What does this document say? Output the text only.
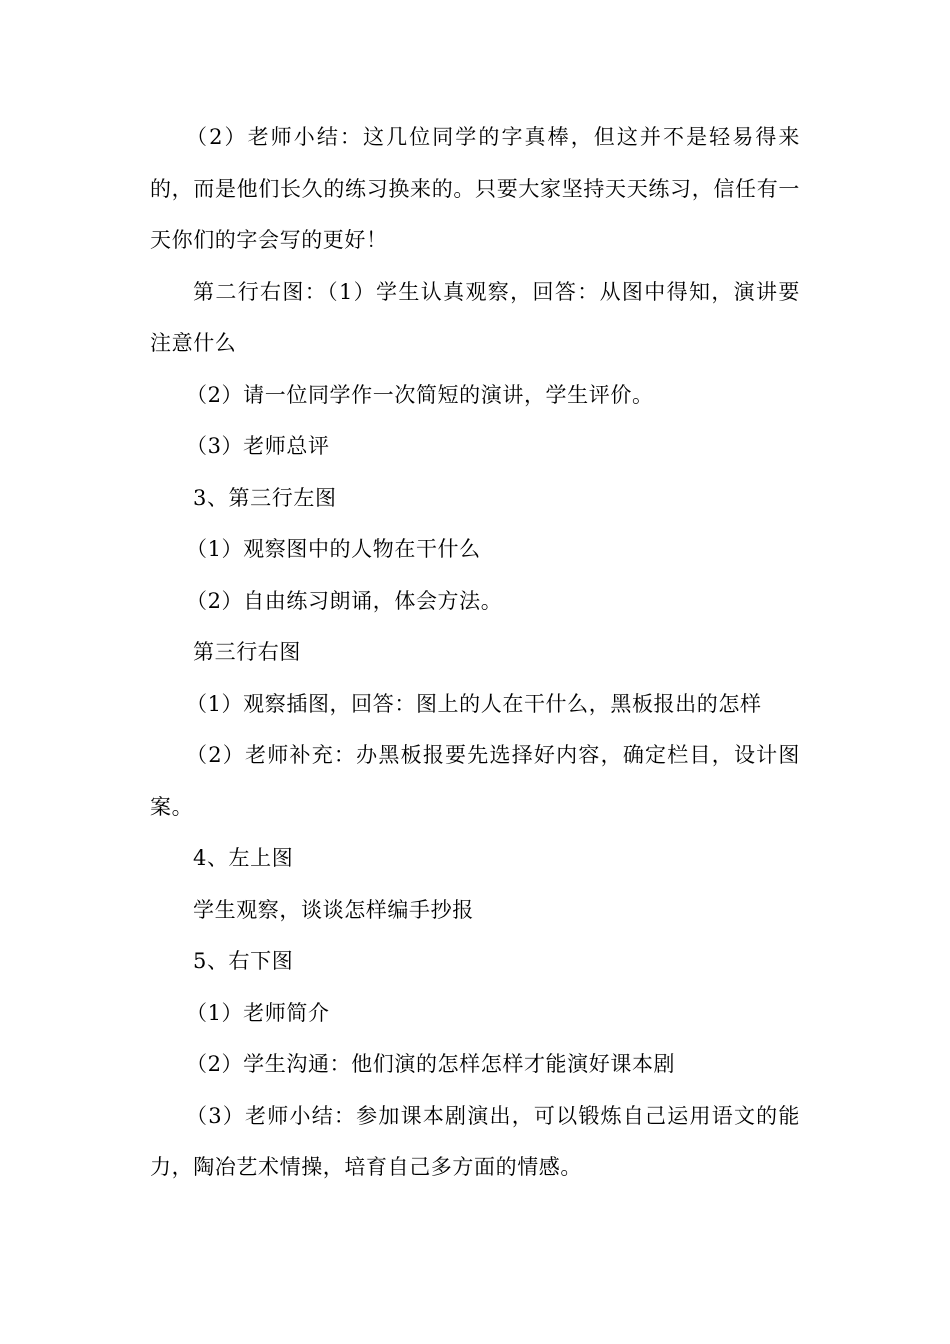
（2）老师小结：这几位同学的字真棒，但这并不是轻易得来的，而是他们长久的练习换来的。只要大家坚持天天练习，信任有一天你们的字会写的更好！

第二行右图：（1）学生认真观察，回答：从图中得知，演讲要注意什么

（2）请一位同学作一次简短的演讲，学生评价。

（3）老师总评

3、第三行左图

（1）观察图中的人物在干什么

（2）自由练习朗诵，体会方法。

第三行右图

（1）观察插图，回答：图上的人在干什么，黑板报出的怎样

（2）老师补充：办黑板报要先选择好内容，确定栏目，设计图案。

4、左上图

学生观察，谈谈怎样编手抄报

5、右下图

（1）老师简介

（2）学生沟通：他们演的怎样怎样才能演好课本剧

（3）老师小结：参加课本剧演出，可以锻炼自己运用语文的能力，陶冶艺术情操，培育自己多方面的情感。
